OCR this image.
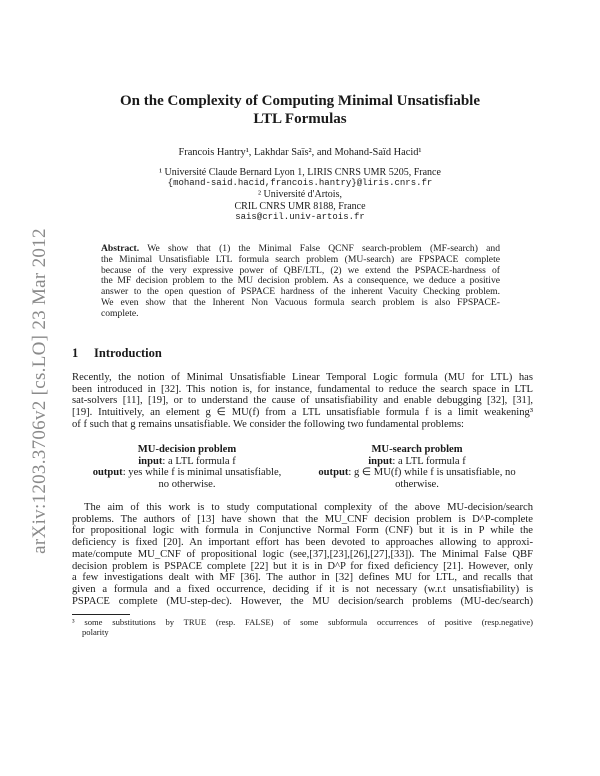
arXiv:1203.3706v2 [cs.LO] 23 Mar 2012
On the Complexity of Computing Minimal Unsatisfiable
LTL Formulas
Francois Hantry¹, Lakhdar Saïs², and Mohand-Saïd Hacid¹
¹ Université Claude Bernard Lyon 1, LIRIS CNRS UMR 5205, France
{mohand-said.hacid,francois.hantry}@liris.cnrs.fr
² Université d'Artois,
CRIL CNRS UMR 8188, France
sais@cril.univ-artois.fr
Abstract. We show that (1) the Minimal False QCNF search-problem (MF-search) and
the Minimal Unsatisfiable LTL formula search problem (MU-search) are FPSPACE complete
because of the very expressive power of QBF/LTL, (2) we extend the PSPACE-hardness of
the MF decision problem to the MU decision problem. As a consequence, we deduce a positive
answer to the open question of PSPACE hardness of the inherent Vacuity Checking problem.
We even show that the Inherent Non Vacuous formula search problem is also FPSPACE-
complete.
1 Introduction
Recently, the notion of Minimal Unsatisfiable Linear Temporal Logic formula (MU for LTL) has
been introduced in [32]. This notion is, for instance, fundamental to reduce the search space in LTL
sat-solvers [11], [19], or to understand the cause of unsatisfiability and enable debugging [32], [31],
[19]. Intuitively, an element g ∈ MU(f) from a LTL unsatisfiable formula f is a limit weakening³
of f such that g remains unsatisfiable. We consider the following two fundamental problems:
MU-decision problem
input: a LTL formula f
output: yes while f is minimal unsatisfiable,
no otherwise.
MU-search problem
input: a LTL formula f
output: g ∈ MU(f) while f is unsatisfiable, no
otherwise.
The aim of this work is to study computational complexity of the above MU-decision/search
problems. The authors of [13] have shown that the MU_CNF decision problem is D^P-complete
for propositional logic with formula in Conjunctive Normal Form (CNF) but it is in P while the
deficiency is fixed [20]. An important effort has been devoted to approaches allowing to approxi-
mate/compute MU_CNF of propositional logic (see,[37],[23],[26],[27],[33]). The Minimal False QBF
decision problem is PSPACE complete [22] but it is in D^P for fixed deficiency [21]. However, only
a few investigations dealt with MF [36]. The author in [32] defines MU for LTL, and recalls that
given a formula and a fixed occurrence, deciding if it is not necessary (w.r.t unsatisfiability) is
PSPACE complete (MU-step-dec). However, the MU decision/search problems (MU-dec/search)
³ some substitutions by TRUE (resp. FALSE) of some subformula occurrences of positive (resp.negative)
polarity
